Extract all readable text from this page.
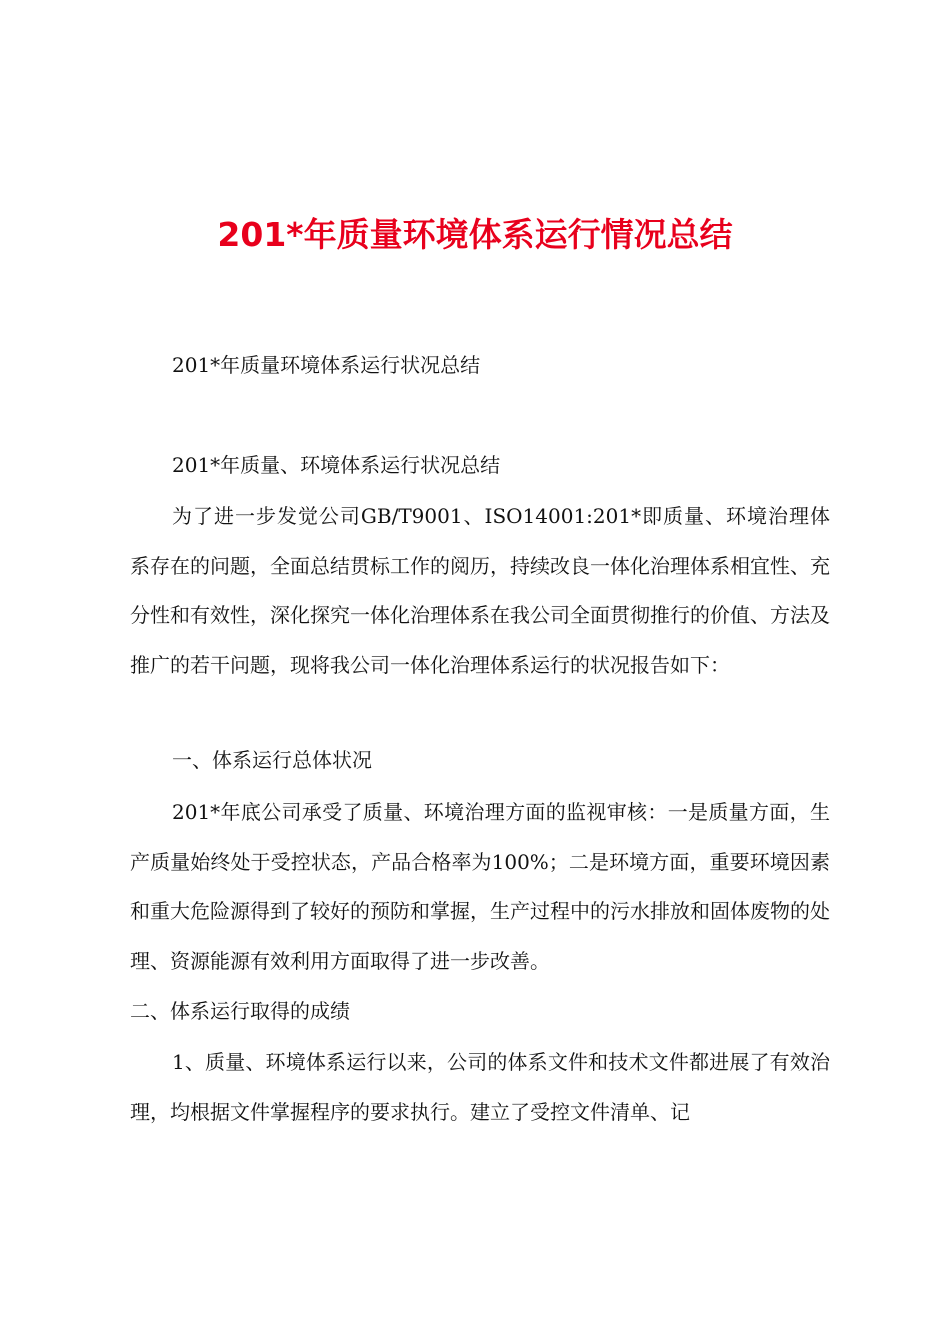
201*年质量环境体系运行情况总结

201*年质量环境体系运行状况总结

201*年质量、环境体系运行状况总结

为了进一步发觉公司GB/T9001、ISO14001:201*即质量、环境治理体系存在的问题，全面总结贯标工作的阅历，持续改良一体化治理体系相宜性、充分性和有效性，深化探究一体化治理体系在我公司全面贯彻推行的价值、方法及推广的若干问题，现将我公司一体化治理体系运行的状况报告如下：

一、体系运行总体状况

201*年底公司承受了质量、环境治理方面的监视审核：一是质量方面，生产质量始终处于受控状态，产品合格率为100%；二是环境方面，重要环境因素和重大危险源得到了较好的预防和掌握，生产过程中的污水排放和固体废物的处理、资源能源有效利用方面取得了进一步改善。

二、体系运行取得的成绩

1、质量、环境体系运行以来，公司的体系文件和技术文件都进展了有效治理，均根据文件掌握程序的要求执行。建立了受控文件清单、记
